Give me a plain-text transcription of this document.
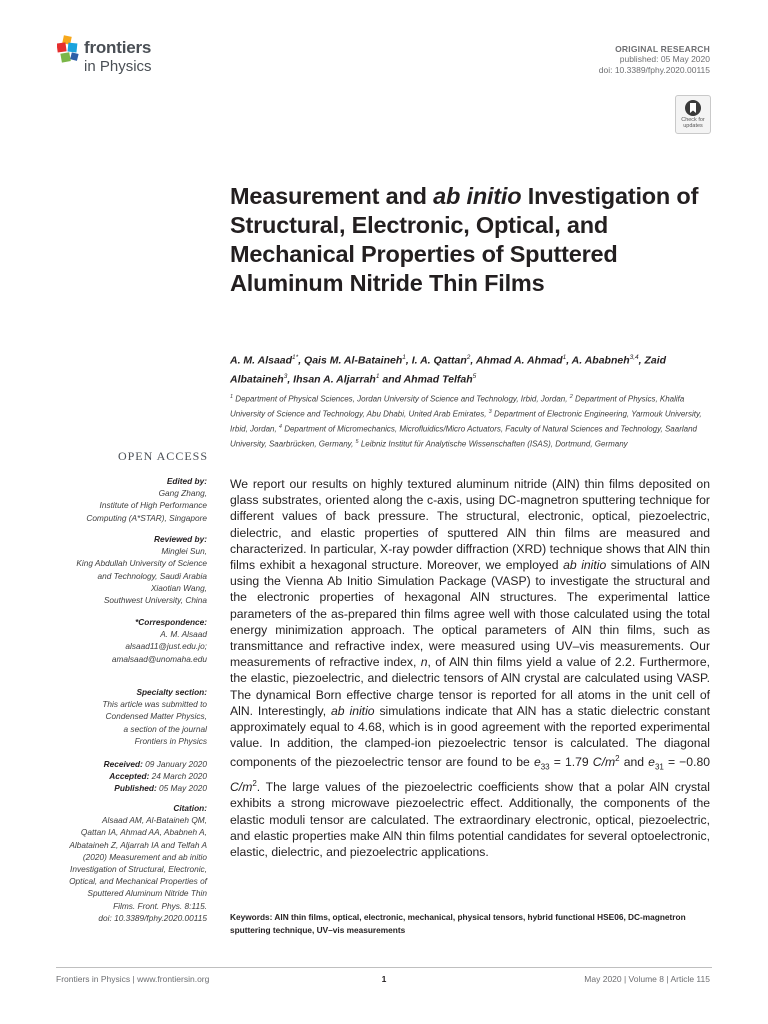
frontiers
in Physics
ORIGINAL RESEARCH
published: 05 May 2020
doi: 10.3389/fphy.2020.00115
Check for
updates
Measurement and ab initio Investigation of Structural, Electronic, Optical, and Mechanical Properties of Sputtered Aluminum Nitride Thin Films
A. M. Alsaad$^{1*}$, Qais M. Al-Bataineh$^1$, I. A. Qattan$^2$, Ahmad A. Ahmad$^1$, A. Ababneh$^{3,4}$, Zaid Albataineh$^3$, Ihsan A. Aljarrah$^1$ and Ahmad Telfah$^5$
$^1$ Department of Physical Sciences, Jordan University of Science and Technology, Irbid, Jordan, $^2$ Department of Physics, Khalifa University of Science and Technology, Abu Dhabi, United Arab Emirates, $^3$ Department of Electronic Engineering, Yarmouk University, Irbid, Jordan, $^4$ Department of Micromechanics, Microfluidics/Micro Actuators, Faculty of Natural Sciences and Technology, Saarland University, Saarbrücken, Germany, $^5$ Leibniz Institut für Analytische Wissenschaften (ISAS), Dortmund, Germany
OPEN ACCESS
Edited by:
Gang Zhang,
Institute of High Performance
Computing (A*STAR), Singapore
Reviewed by:
Minglei Sun,
King Abdullah University of Science
and Technology, Saudi Arabia
Xiaotian Wang,
Southwest University, China
*Correspondence:
A. M. Alsaad
alsaad11@just.edu.jo;
amalsaad@unomaha.edu
Specialty section:
This article was submitted to
Condensed Matter Physics,
a section of the journal
Frontiers in Physics
Received: 09 January 2020
Accepted: 24 March 2020
Published: 05 May 2020
Citation:
Alsaad AM, Al-Bataineh QM,
Qattan IA, Ahmad AA, Ababneh A,
Albataineh Z, Aljarrah IA and Telfah A
(2020) Measurement and ab initio
Investigation of Structural, Electronic,
Optical, and Mechanical Properties of
Sputtered Aluminum Nitride Thin
Films. Front. Phys. 8:115.
doi: 10.3389/fphy.2020.00115
We report our results on highly textured aluminum nitride (AlN) thin films deposited on glass substrates, oriented along the c-axis, using DC-magnetron sputtering technique for different values of back pressure. The structural, electronic, optical, piezoelectric, dielectric, and elastic properties of sputtered AlN thin films are measured and characterized. In particular, X-ray powder diffraction (XRD) technique shows that AlN thin films exhibit a hexagonal structure. Moreover, we employed ab initio simulations of AlN using the Vienna Ab Initio Simulation Package (VASP) to investigate the structural and the electronic properties of hexagonal AlN structures. The experimental lattice parameters of the as-prepared thin films agree well with those calculated using the total energy minimization approach. The optical parameters of AlN thin films, such as transmittance and refractive index, were measured using UV–vis measurements. Our measurements of refractive index, n, of AlN thin films yield a value of 2.2. Furthermore, the elastic, piezoelectric, and dielectric tensors of AlN crystal are calculated using VASP. The dynamical Born effective charge tensor is reported for all atoms in the unit cell of AlN. Interestingly, ab initio simulations indicate that AlN has a static dielectric constant approximately equal to 4.68, which is in good agreement with the reported experimental value. In addition, the clamped-ion piezoelectric tensor is calculated. The diagonal components of the piezoelectric tensor are found to be $e_{33} = 1.79$ $C/m^2$ and $e_{31} = -0.80$ $C/m^2$. The large values of the piezoelectric coefficients show that a polar AlN crystal exhibits a strong microwave piezoelectric effect. Additionally, the components of the elastic moduli tensor are calculated. The extraordinary electronic, optical, piezoelectric, and elastic properties make AlN thin films potential candidates for several optoelectronic, elastic, dielectric, and piezoelectric applications.
Keywords: AlN thin films, optical, electronic, mechanical, physical tensors, hybrid functional HSE06, DC-magnetron sputtering technique, UV–vis measurements
Frontiers in Physics | www.frontiersin.org	1	May 2020 | Volume 8 | Article 115
